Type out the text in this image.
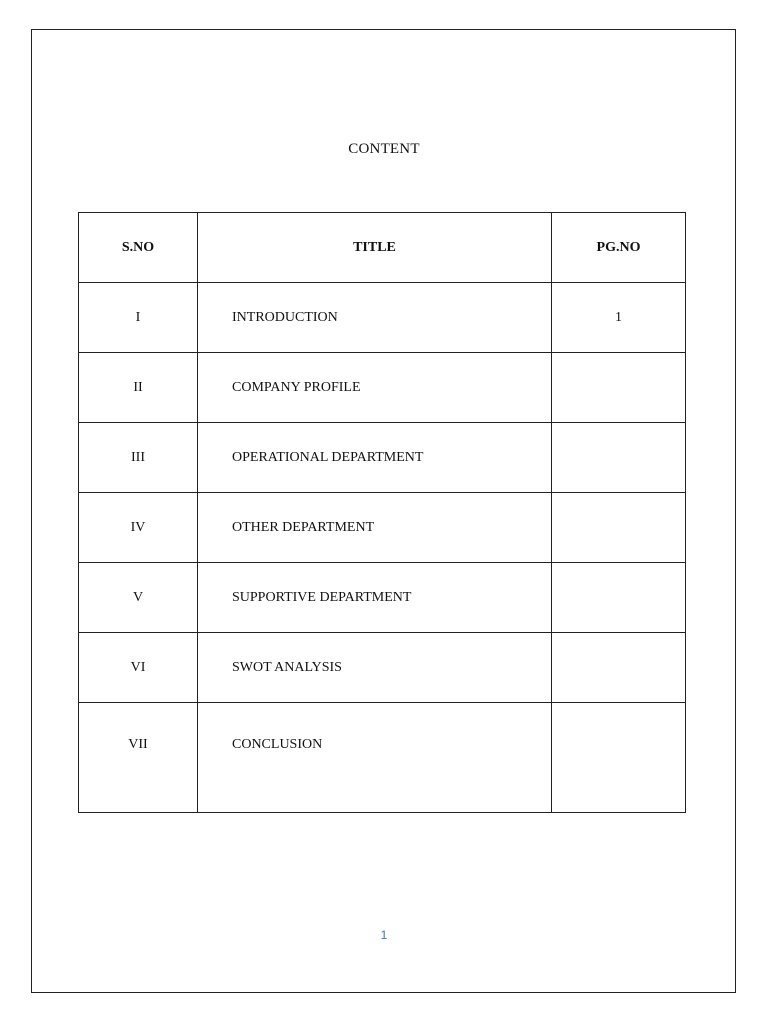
CONTENT
S.NO	TITLE	PG.NO
I	INTRODUCTION	1
II	COMPANY PROFILE	
III	OPERATIONAL DEPARTMENT	
IV	OTHER DEPARTMENT	
V	SUPPORTIVE DEPARTMENT	
VI	SWOT ANALYSIS	
VII	CONCLUSION	
1
